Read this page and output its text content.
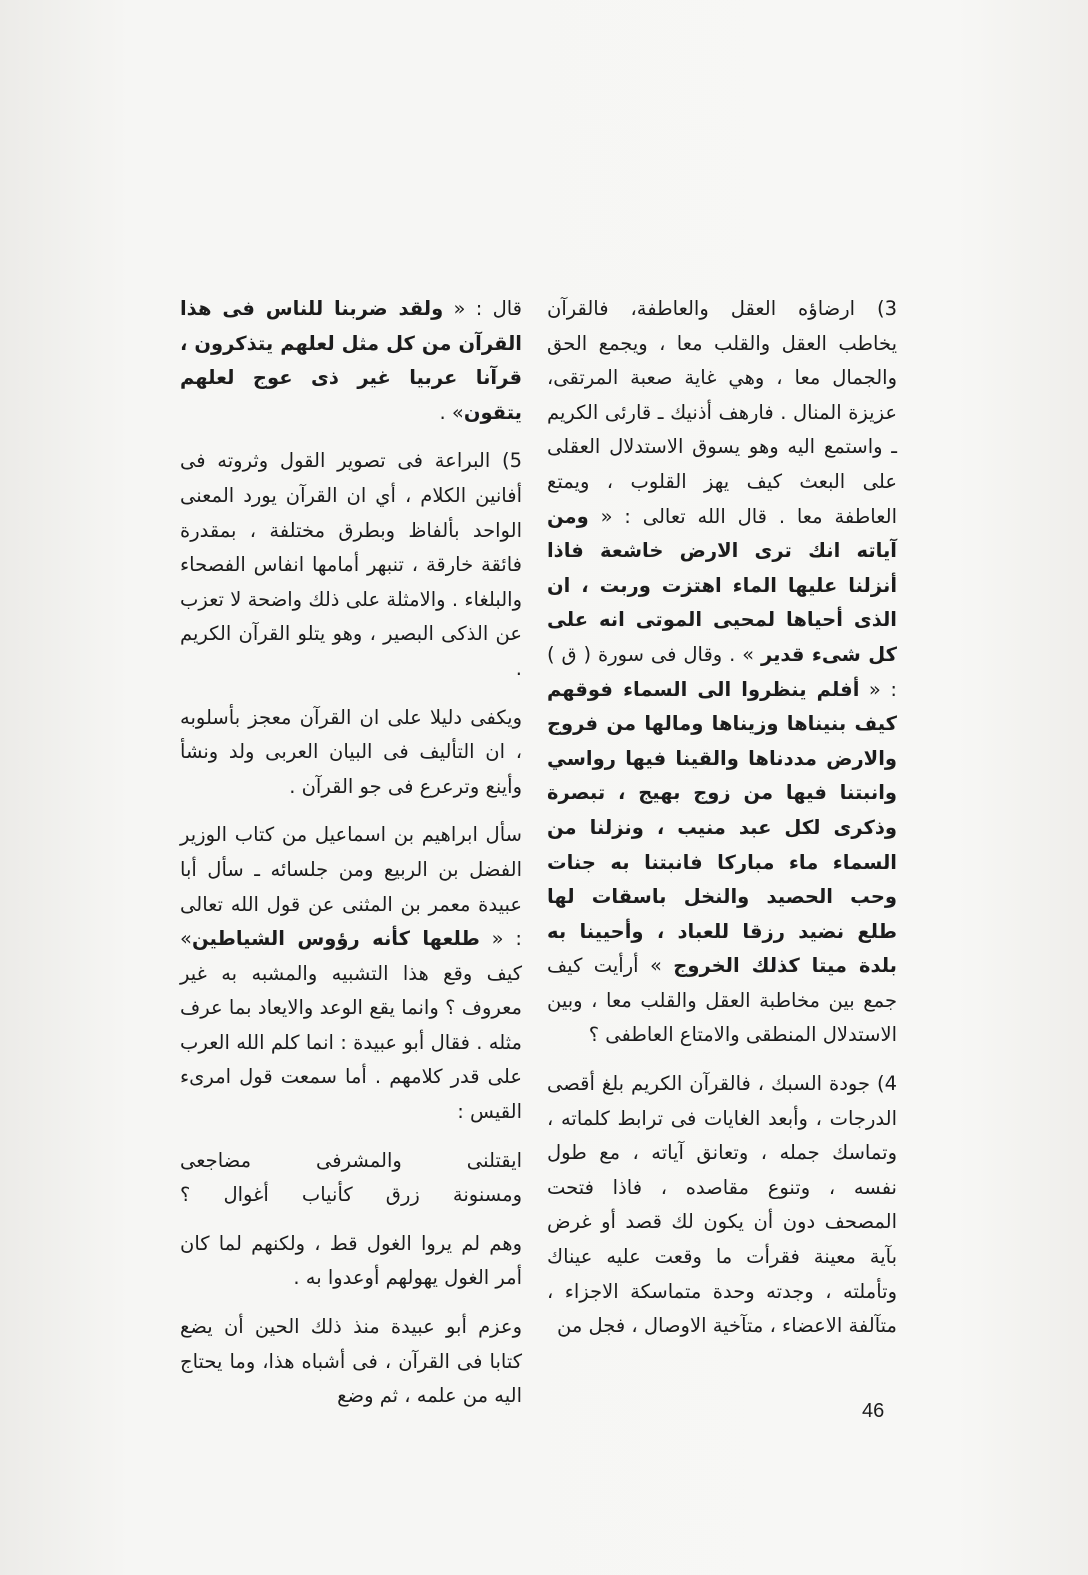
3) ارضاؤه العقل والعاطفة، فالقرآن يخاطب العقل والقلب معا ، ويجمع الحق والجمال معا ، وهي غاية صعبة المرتقى، عزيزة المنال . فارهف أذنيك ـ قارئى الكريم ـ واستمع اليه وهو يسوق الاستدلال العقلى على البعث كيف يهز القلوب ، ويمتع العاطفة معا . قال الله تعالى : « ومن آياته انك ترى الارض خاشعة فاذا أنزلنا عليها الماء اهتزت وربت ، ان الذى أحياها لمحيى الموتى انه على كل شىء قدير » . وقال فى سورة ( ق ) : « أفلم ينظروا الى السماء فوقهم كيف بنيناها وزيناها ومالها من فروج والارض مددناها والقينا فيها رواسي وانبتنا فيها من زوج بهيج ، تبصرة وذكرى لكل عبد منيب ، ونزلنا من السماء ماء مباركا فانبتنا به جنات وحب الحصيد والنخل باسقات لها طلع نضيد رزقا للعباد ، وأحيينا به بلدة ميتا كذلك الخروج » أرأيت كيف جمع بين مخاطبة العقل والقلب معا ، وبين الاستدلال المنطقى والامتاع العاطفى ؟

4) جودة السبك ، فالقرآن الكريم بلغ أقصى الدرجات ، وأبعد الغايات فى ترابط كلماته ، وتماسك جمله ، وتعانق آياته ، مع طول نفسه ، وتنوع مقاصده ، فاذا فتحت المصحف دون أن يكون لك قصد أو غرض بآية معينة فقرأت ما وقعت عليه عيناك وتأملته ، وجدته وحدة متماسكة الاجزاء ، متآلفة الاعضاء ، متآخية الاوصال ، فجل من

قال : « ولقد ضربنا للناس فى هذا القرآن من كل مثل لعلهم يتذكرون ، قرآنا عربيا غير ذى عوج لعلهم يتقون» .

5) البراعة فى تصوير القول وثروته فى أفانين الكلام ، أي ان القرآن يورد المعنى الواحد بألفاظ وبطرق مختلفة ، بمقدرة فائقة خارقة ، تنبهر أمامها انفاس الفصحاء والبلغاء . والامثلة على ذلك واضحة لا تعزب عن الذكى البصير ، وهو يتلو القرآن الكريم .

ويكفى دليلا على ان القرآن معجز بأسلوبه ، ان التأليف فى البيان العربى ولد ونشأ وأينع وترعرع فى جو القرآن .

سأل ابراهيم بن اسماعيل من كتاب الوزير الفضل بن الربيع ومن جلسائه ـ سأل أبا عبيدة معمر بن المثنى عن قول الله تعالى : « طلعها كأنه رؤوس الشياطين» كيف وقع هذا التشبيه والمشبه به غير معروف ؟ وانما يقع الوعد والايعاد بما عرف مثله . فقال أبو عبيدة : انما كلم الله العرب على قدر كلامهم . أما سمعت قول امرىء القيس :

ايقتلنى والمشرفى مضاجعى
ومسنونة زرق كأنياب أغوال ؟

وهم لم يروا الغول قط ، ولكنهم لما كان أمر الغول يهولهم أوعدوا به .

وعزم أبو عبيدة منذ ذلك الحين أن يضع كتابا فى القرآن ، فى أشباه هذا، وما يحتاج اليه من علمه ، ثم وضع

46
